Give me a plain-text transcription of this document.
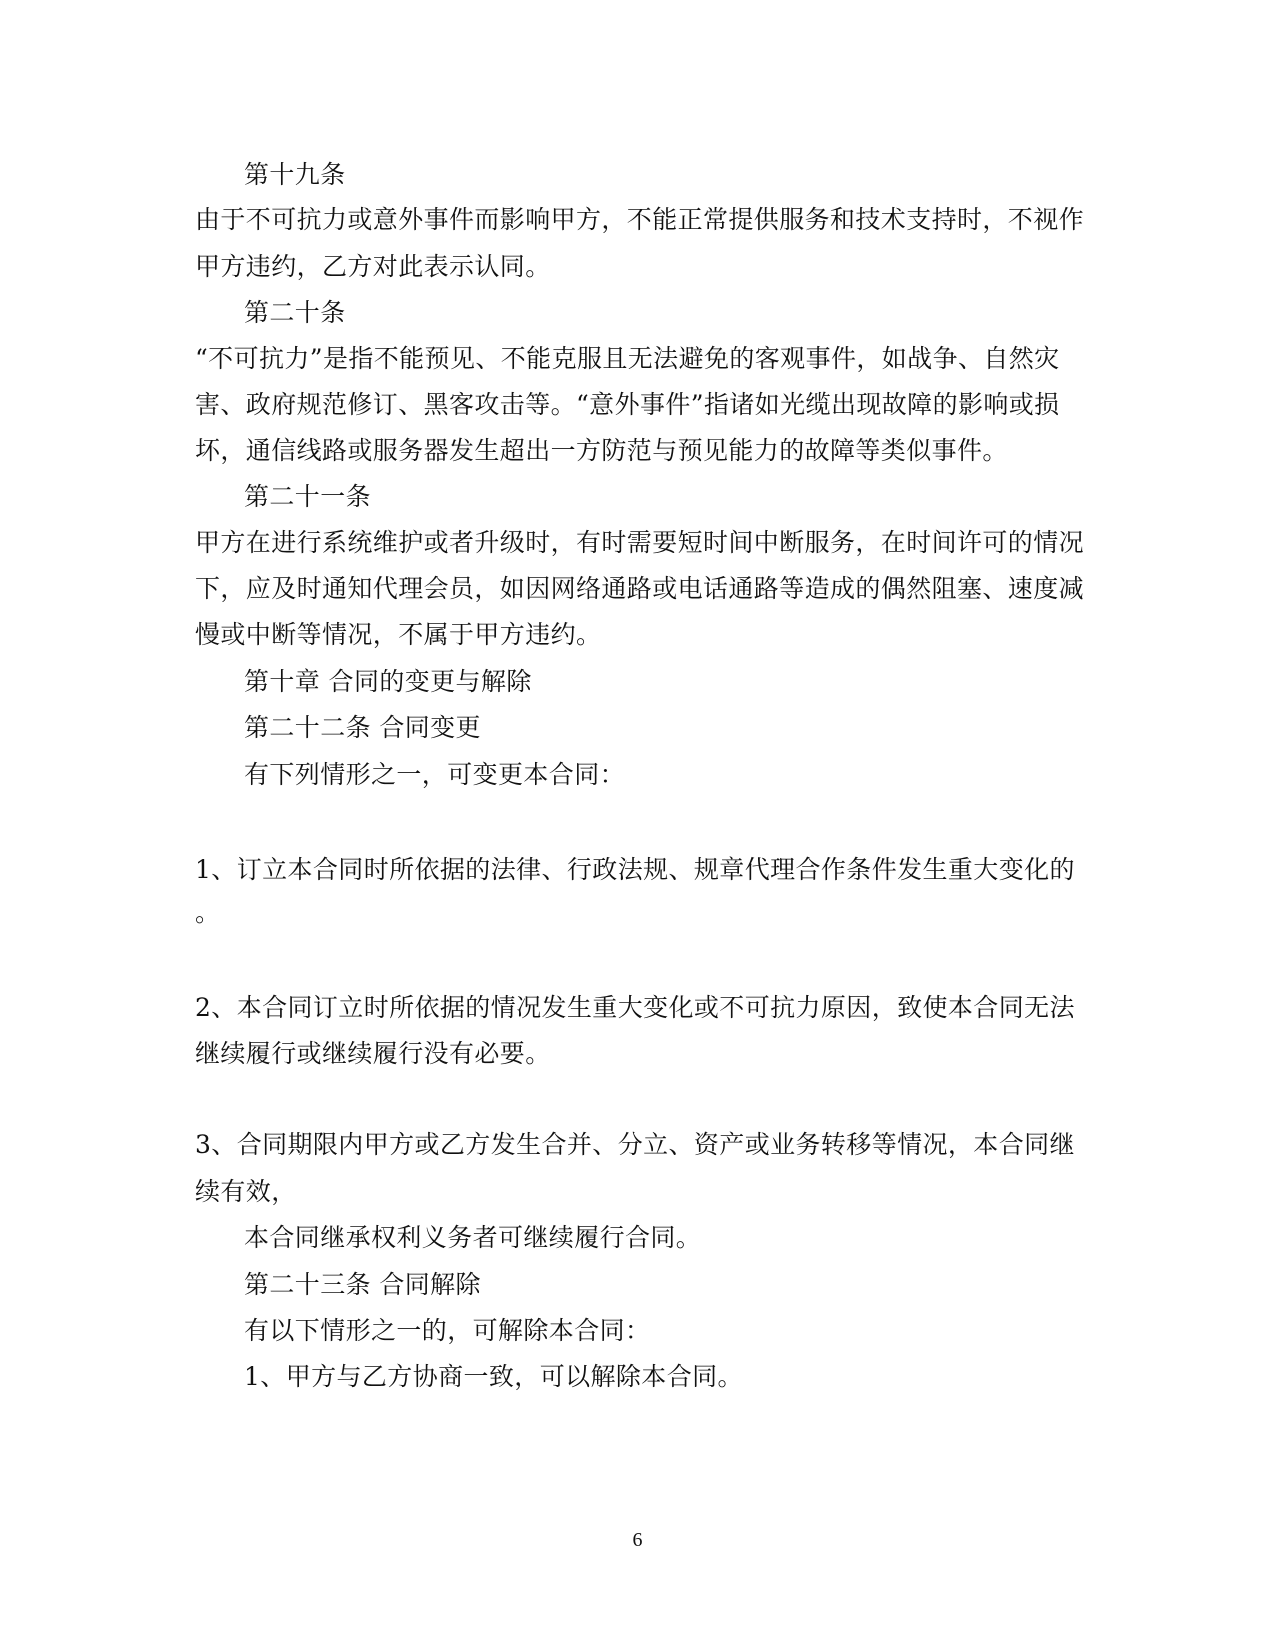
第十九条
由于不可抗力或意外事件而影响甲方，不能正常提供服务和技术支持时，不视作
甲方违约，乙方对此表示认同。
第二十条
“不可抗力”是指不能预见、不能克服且无法避免的客观事件，如战争、自然灾
害、政府规范修订、黑客攻击等。“意外事件”指诸如光缆出现故障的影响或损
坏，通信线路或服务器发生超出一方防范与预见能力的故障等类似事件。
第二十一条
甲方在进行系统维护或者升级时，有时需要短时间中断服务，在时间许可的情况
下，应及时通知代理会员，如因网络通路或电话通路等造成的偶然阻塞、速度减
慢或中断等情况，不属于甲方违约。
第十章 合同的变更与解除
第二十二条 合同变更
有下列情形之一，可变更本合同：
1、订立本合同时所依据的法律、行政法规、规章代理合作条件发生重大变化的
。
2、本合同订立时所依据的情况发生重大变化或不可抗力原因，致使本合同无法
继续履行或继续履行没有必要。
3、合同期限内甲方或乙方发生合并、分立、资产或业务转移等情况，本合同继
续有效，
本合同继承权利义务者可继续履行合同。
第二十三条 合同解除
有以下情形之一的，可解除本合同：
1、甲方与乙方协商一致，可以解除本合同。
6
